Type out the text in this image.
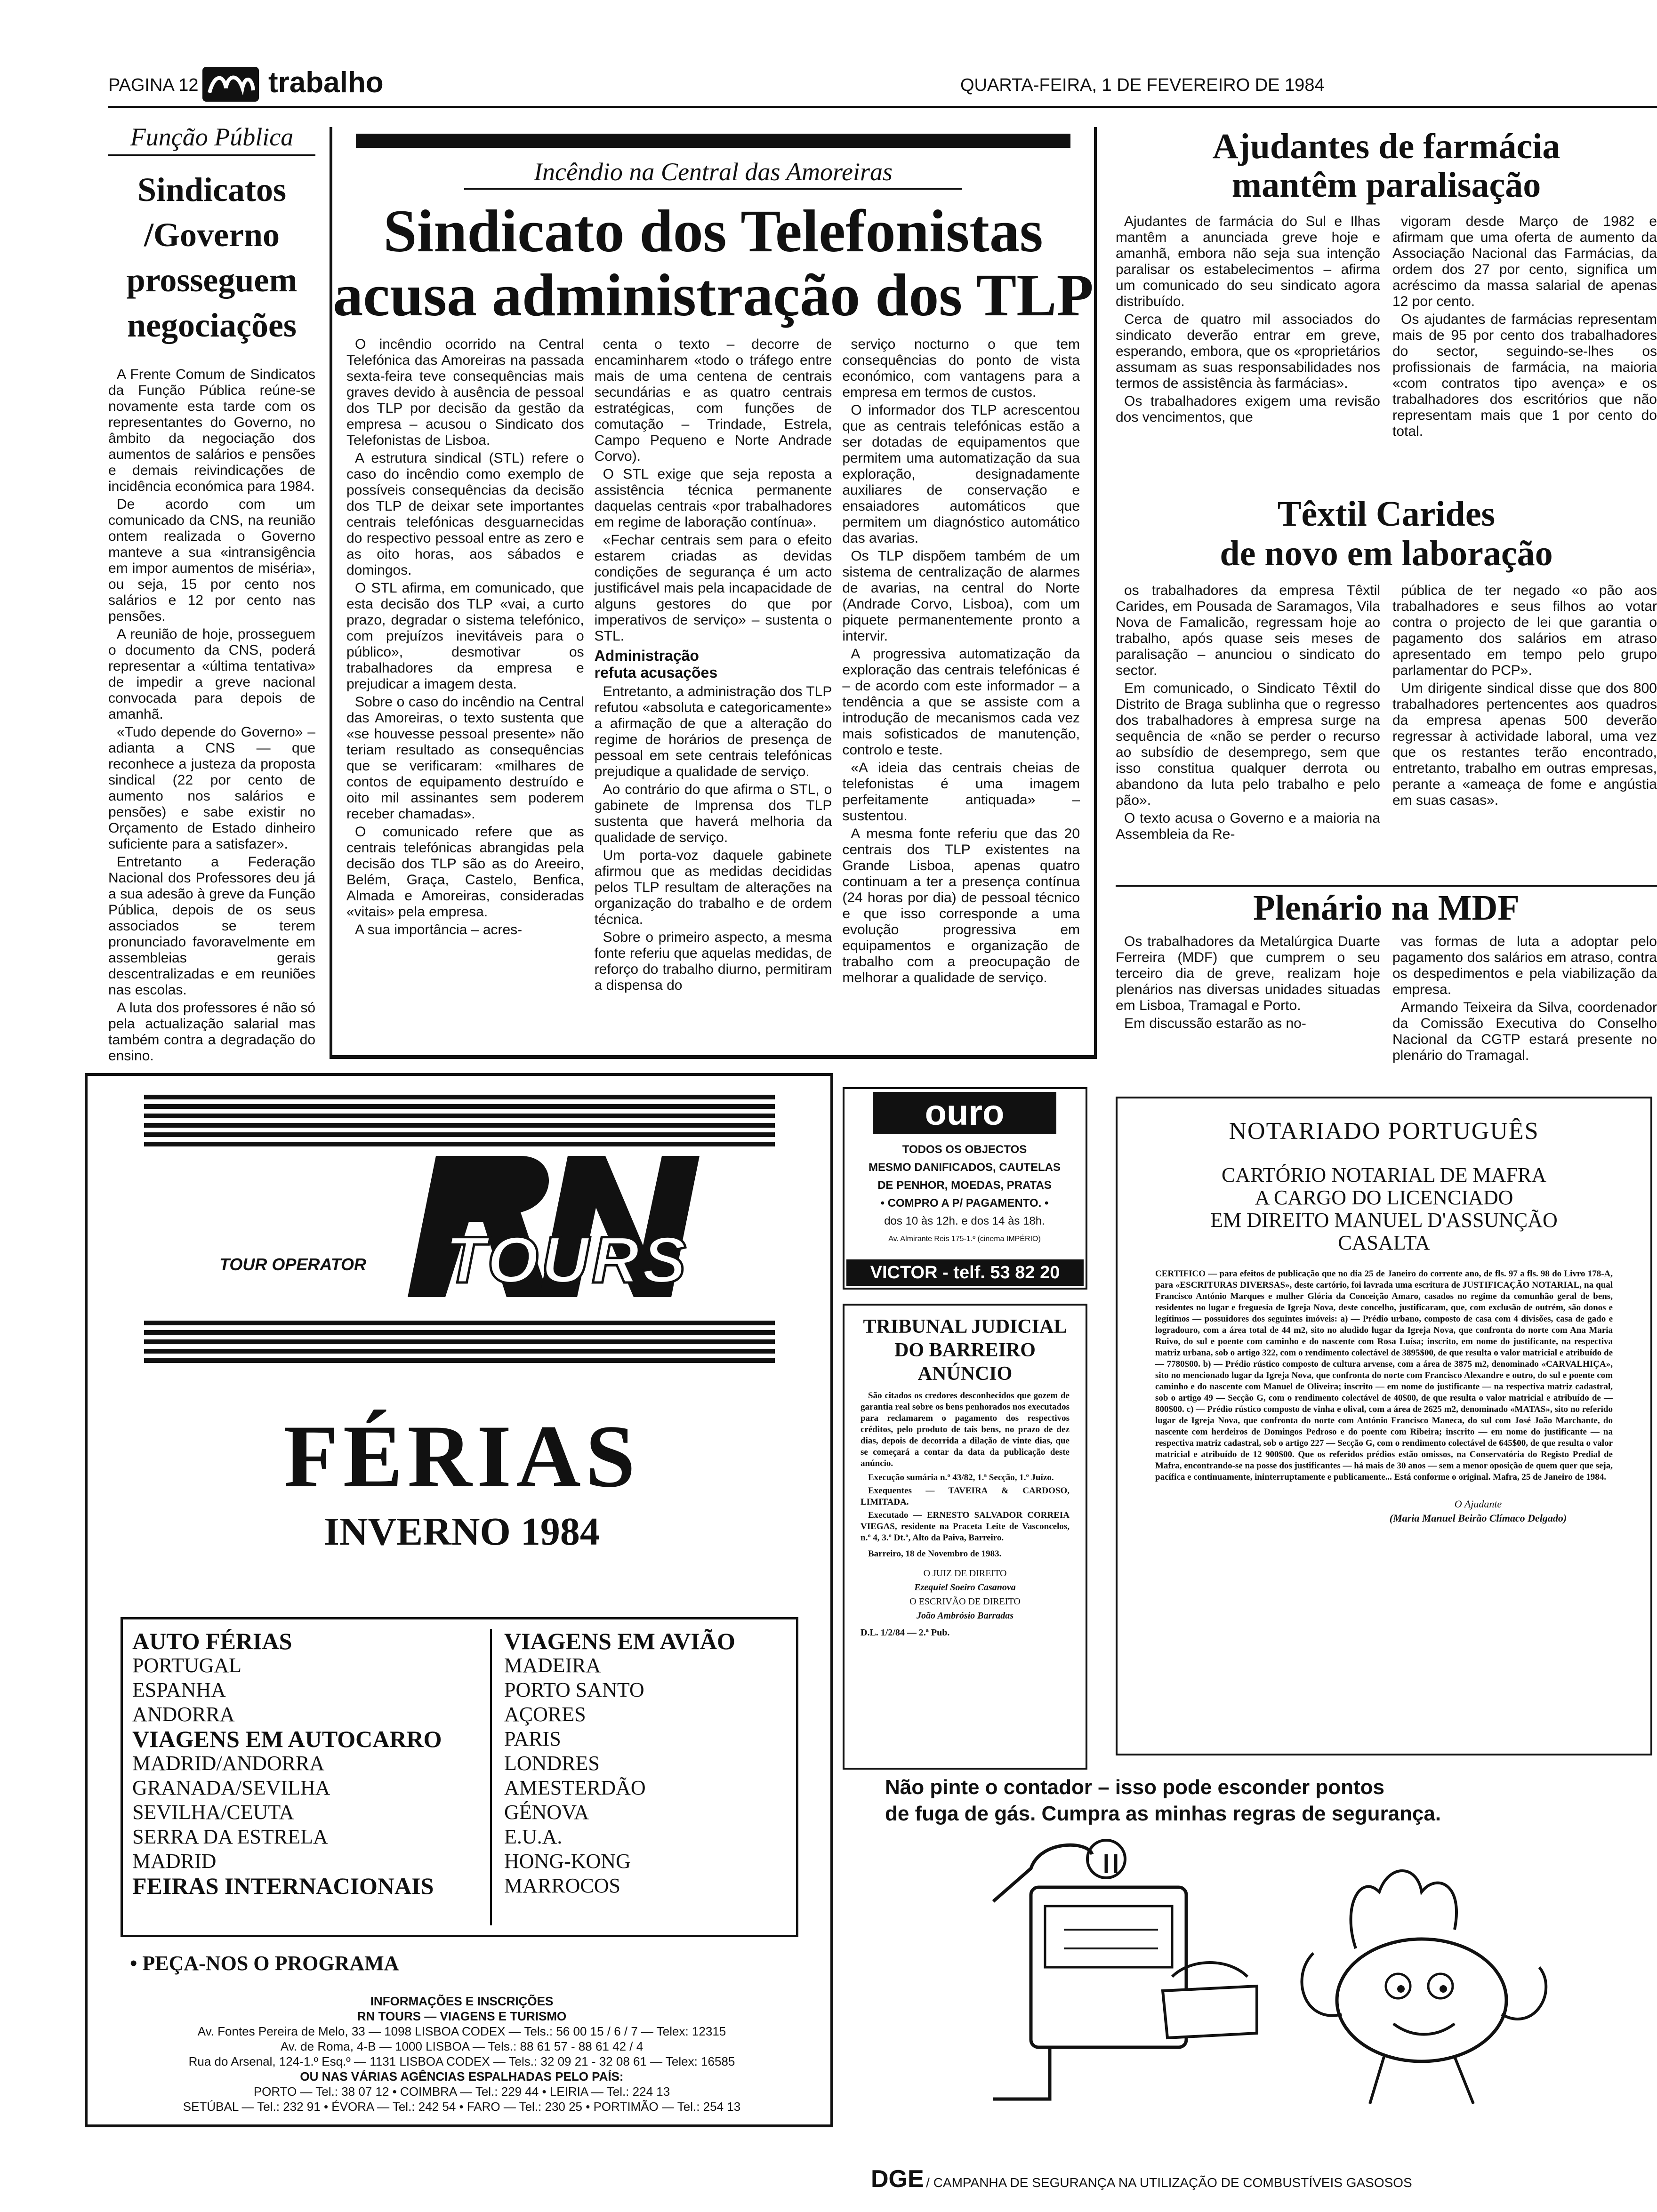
PAGINA 12 trabalho	QUARTA-FEIRA, 1 DE FEVEREIRO DE 1984
Função Pública
Sindicatos
/Governo
prosseguem
negociações

A Frente Comum de Sindicatos da Função Pública reúne-se novamente esta tarde com os representantes do Governo, no âmbito da negociação dos aumentos de salários e pensões e demais reivindicações de incidência económica para 1984.

De acordo com um comunicado da CNS, na reunião ontem realizada o Governo manteve a sua «intransigência em impor aumentos de miséria», ou seja, 15 por cento nos salários e 12 por cento nas pensões.

A reunião de hoje, prosseguem o documento da CNS, poderá representar a «última tentativa» de impedir a greve nacional convocada para depois de amanhã.

«Tudo depende do Governo» – adianta a CNS — que reconhece a justeza da proposta sindical (22 por cento de aumento nos salários e pensões) e sabe existir no Orçamento de Estado dinheiro suficiente para a satisfazer».

Entretanto a Federação Nacional dos Professores deu já a sua adesão à greve da Função Pública, depois de os seus associados se terem pronunciado favoravelmente em assembleias gerais descentralizadas e em reuniões nas escolas.

A luta dos professores é não só pela actualização salarial mas também contra a degradação do ensino.

Incêndio na Central das Amoreiras
Sindicato dos Telefonistas
acusa administração dos TLP

O incêndio ocorrido na Central Telefónica das Amoreiras na passada sexta-feira teve consequências mais graves devido à ausência de pessoal dos TLP por decisão da gestão da empresa – acusou o Sindicato dos Telefonistas de Lisboa.

A estrutura sindical (STL) refere o caso do incêndio como exemplo de possíveis consequências da decisão dos TLP de deixar sete importantes centrais telefónicas desguarnecidas do respectivo pessoal entre as zero e as oito horas, aos sábados e domingos.

O STL afirma, em comunicado, que esta decisão dos TLP «vai, a curto prazo, degradar o sistema telefónico, com prejuízos inevitáveis para o público», desmotivar os trabalhadores da empresa e prejudicar a imagem desta.

Sobre o caso do incêndio na Central das Amoreiras, o texto sustenta que «se houvesse pessoal presente» não teriam resultado as consequências que se verificaram: «milhares de contos de equipamento destruído e oito mil assinantes sem poderem receber chamadas».

O comunicado refere que as centrais telefónicas abrangidas pela decisão dos TLP são as do Areeiro, Belém, Graça, Castelo, Benfica, Almada e Amoreiras, consideradas «vitais» pela empresa.

A sua importância – acres-

centa o texto – decorre de encaminharem «todo o tráfego entre mais de uma centena de centrais secundárias e as quatro centrais estratégicas, com funções de comutação – Trindade, Estrela, Campo Pequeno e Norte Andrade Corvo).

O STL exige que seja reposta a assistência técnica permanente daquelas centrais «por trabalhadores em regime de laboração contínua».

«Fechar centrais sem para o efeito estarem criadas as devidas condições de segurança é um acto justificável mais pela incapacidade de alguns gestores do que por imperativos de serviço» – sustenta o STL.

Administração
refuta acusações

Entretanto, a administração dos TLP refutou «absoluta e categoricamente» a afirmação de que a alteração do regime de horários de presença de pessoal em sete centrais telefónicas prejudique a qualidade de serviço.

Ao contrário do que afirma o STL, o gabinete de Imprensa dos TLP sustenta que haverá melhoria da qualidade de serviço.

Um porta-voz daquele gabinete afirmou que as medidas decididas pelos TLP resultam de alterações na organização do trabalho e de ordem técnica.

Sobre o primeiro aspecto, a mesma fonte referiu que aquelas medidas, de reforço do trabalho diurno, permitiram a dispensa do

serviço nocturno o que tem consequências do ponto de vista económico, com vantagens para a empresa em termos de custos.

O informador dos TLP acrescentou que as centrais telefónicas estão a ser dotadas de equipamentos que permitem uma automatização da sua exploração, designadamente auxiliares de conservação e ensaiadores automáticos que permitem um diagnóstico automático das avarias.

Os TLP dispõem também de um sistema de centralização de alarmes de avarias, na central do Norte (Andrade Corvo, Lisboa), com um piquete permanentemente pronto a intervir.

A progressiva automatização da exploração das centrais telefónicas é – de acordo com este informador – a tendência a que se assiste com a introdução de mecanismos cada vez mais sofisticados de manutenção, controlo e teste.

«A ideia das centrais cheias de telefonistas é uma imagem perfeitamente antiquada» – sustentou.

A mesma fonte referiu que das 20 centrais dos TLP existentes na Grande Lisboa, apenas quatro continuam a ter a presença contínua (24 horas por dia) de pessoal técnico e que isso corresponde a uma evolução progressiva em equipamentos e organização de trabalho com a preocupação de melhorar a qualidade de serviço.

Ajudantes de farmácia
mantêm paralisação

Ajudantes de farmácia do Sul e Ilhas mantêm a anunciada greve hoje e amanhã, embora não seja sua intenção paralisar os estabelecimentos – afirma um comunicado do seu sindicato agora distribuído.

Cerca de quatro mil associados do sindicato deverão entrar em greve, esperando, embora, que os «proprietários assumam as suas responsabilidades nos termos de assistência às farmácias».

Os trabalhadores exigem uma revisão dos vencimentos, que

vigoram desde Março de 1982 e afirmam que uma oferta de aumento da Associação Nacional das Farmácias, da ordem dos 27 por cento, significa um acréscimo da massa salarial de apenas 12 por cento.

Os ajudantes de farmácias representam mais de 95 por cento dos trabalhadores do sector, seguindo-se-lhes os profissionais de farmácia, na maioria «com contratos tipo avença» e os trabalhadores dos escritórios que não representam mais que 1 por cento do total.

Têxtil Carides
de novo em laboração

os trabalhadores da empresa Têxtil Carides, em Pousada de Saramagos, Vila Nova de Famalicão, regressam hoje ao trabalho, após quase seis meses de paralisação – anunciou o sindicato do sector.

Em comunicado, o Sindicato Têxtil do Distrito de Braga sublinha que o regresso dos trabalhadores à empresa surge na sequência de «não se perder o recurso ao subsídio de desemprego, sem que isso constitua qualquer derrota ou abandono da luta pelo trabalho e pelo pão».

O texto acusa o Governo e a maioria na Assembleia da Re-

pública de ter negado «o pão aos trabalhadores e seus filhos ao votar contra o projecto de lei que garantia o pagamento dos salários em atraso apresentado em tempo pelo grupo parlamentar do PCP».

Um dirigente sindical disse que dos 800 trabalhadores pertencentes aos quadros da empresa apenas 500 deverão regressar à actividade laboral, uma vez que os restantes terão encontrado, entretanto, trabalho em outras empresas, perante a «ameaça de fome e angústia em suas casas».

Plenário na MDF

Os trabalhadores da Metalúrgica Duarte Ferreira (MDF) que cumprem o seu terceiro dia de greve, realizam hoje plenários nas diversas unidades situadas em Lisboa, Tramagal e Porto.

Em discussão estarão as no-

vas formas de luta a adoptar pelo pagamento dos salários em atraso, contra os despedimentos e pela viabilização da empresa.

Armando Teixeira da Silva, coordenador da Comissão Executiva do Conselho Nacional da CGTP estará presente no plenário do Tramagal.

TOUR OPERATOR TOURS
FÉRIAS
INVERNO 1984
AUTO FÉRIAS
PORTUGAL
ESPANHA
ANDORRA
VIAGENS EM AUTOCARRO
MADRID/ANDORRA
GRANADA/SEVILHA
SEVILHA/CEUTA
SERRA DA ESTRELA
MADRID
FEIRAS INTERNACIONAIS
VIAGENS EM AVIÃO
MADEIRA
PORTO SANTO
AÇORES
PARIS
LONDRES
AMESTERDÃO
GÉNOVA
E.U.A.
HONG-KONG
MARROCOS
• PEÇA-NOS O PROGRAMA
INFORMAÇÕES E INSCRIÇÕES
RN TOURS — VIAGENS E TURISMO
Av. Fontes Pereira de Melo, 33 — 1098 LISBOA CODEX — Tels.: 56 00 15 / 6 / 7 — Telex: 12315
Av. de Roma, 4-B — 1000 LISBOA — Tels.: 88 61 57 - 88 61 42 / 4
Rua do Arsenal, 124-1.º Esq.º — 1131 LISBOA CODEX — Tels.: 32 09 21 - 32 08 61 — Telex: 16585
OU NAS VÁRIAS AGÊNCIAS ESPALHADAS PELO PAÍS:
PORTO — Tel.: 38 07 12 • COIMBRA — Tel.: 229 44 • LEIRIA — Tel.: 224 13
SETÚBAL — Tel.: 232 91 • ÉVORA — Tel.: 242 54 • FARO — Tel.: 230 25 • PORTIMÃO — Tel.: 254 13
ouro
TODOS OS OBJECTOS
MESMO DANIFICADOS, CAUTELAS
DE PENHOR, MOEDAS, PRATAS
• COMPRO A P/ PAGAMENTO. •
dos 10 às 12h. e dos 14 às 18h.
Av. Almirante Reis 175-1.º (cinema IMPÉRIO)
VICTOR - telf. 53 82 20
TRIBUNAL JUDICIAL
DO BARREIRO
ANÚNCIO

São citados os credores desconhecidos que gozem de garantia real sobre os bens penhorados nos executados para reclamarem o pagamento dos respectivos créditos, pelo produto de tais bens, no prazo de dez dias, depois de decorrida a dilação de vinte dias, que se começará a contar da data da publicação deste anúncio.

Execução sumária n.º 43/82, 1.ª Secção, 1.º Juízo.

Exequentes — TAVEIRA & CARDOSO, LIMITADA.

Executado — ERNESTO SALVADOR CORREIA VIEGAS, residente na Praceta Leite de Vasconcelos, n.º 4, 3.º Dt.º, Alto da Paiva, Barreiro.

Barreiro, 18 de Novembro de 1983.

O JUIZ DE DIREITO
Ezequiel Soeiro Casanova
O ESCRIVÃO DE DIREITO
João Ambrósio Barradas
D.L. 1/2/84 — 2.ª Pub.
NOTARIADO PORTUGUÊS
CARTÓRIO NOTARIAL DE MAFRA
A CARGO DO LICENCIADO
EM DIREITO MANUEL D'ASSUNÇÃO
CASALTA

CERTIFICO — para efeitos de publicação que no dia 25 de Janeiro do corrente ano, de fls. 97 a fls. 98 do Livro 178-A, para «ESCRITURAS DIVERSAS», deste cartório, foi lavrada uma escritura de JUSTIFICAÇÃO NOTARIAL, na qual Francisco António Marques e mulher Glória da Conceição Amaro, casados no regime da comunhão geral de bens, residentes no lugar e freguesia de Igreja Nova, deste concelho, justificaram, que, com exclusão de outrém, são donos e legítimos — possuidores dos seguintes imóveis: a) — Prédio urbano, composto de casa com 4 divisões, casa de gado e logradouro, com a área total de 44 m2, sito no aludido lugar da Igreja Nova, que confronta do norte com Ana Maria Ruivo, do sul e poente com caminho e do nascente com Rosa Luísa; inscrito, em nome do justificante, na respectiva matriz urbana, sob o artigo 322, com o rendimento colectável de 3895$00, de que resulta o valor matricial e atribuído de — 7780$00. b) — Prédio rústico composto de cultura arvense, com a área de 3875 m2, denominado «CARVALHIÇA», sito no mencionado lugar da Igreja Nova, que confronta do norte com Francisco Alexandre e outro, do sul e poente com caminho e do nascente com Manuel de Oliveira; inscrito — em nome do justificante — na respectiva matriz cadastral, sob o artigo 49 — Secção G, com o rendimento colectável de 40$00, de que resulta o valor matricial e atribuído de — 800$00. c) — Prédio rústico composto de vinha e olival, com a área de 2625 m2, denominado «MATAS», sito no referido lugar de Igreja Nova, que confronta do norte com António Francisco Maneca, do sul com José João Marchante, do nascente com herdeiros de Domingos Pedroso e do poente com Ribeira; inscrito — em nome do justificante — na respectiva matriz cadastral, sob o artigo 227 — Secção G, com o rendimento colectável de 645$00, de que resulta o valor matricial e atribuído de 12 900$00. Que os referidos prédios estão omissos, na Conservatória do Registo Predial de Mafra, encontrando-se na posse dos justificantes — há mais de 30 anos — sem a menor oposição de quem quer que seja, pacífica e continuamente, ininterruptamente e publicamente... Está conforme o original. Mafra, 25 de Janeiro de 1984.

O Ajudante
(Maria Manuel Beirão Clímaco Delgado)
Não pinte o contador – isso pode esconder pontos
de fuga de gás. Cumpra as minhas regras de segurança.
DGE / CAMPANHA DE SEGURANÇA NA UTILIZAÇÃO DE COMBUSTÍVEIS GASOSOS
